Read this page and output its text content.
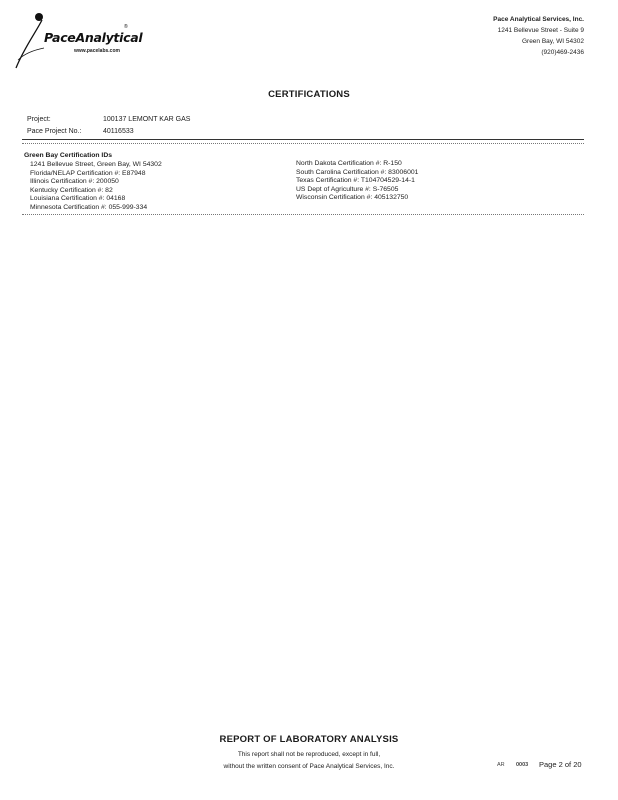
PaceAnalytical
®
www.pacelabs.com
Pace Analytical Services, Inc.
1241 Bellevue Street - Suite 9
Green Bay, WI 54302
(920)469-2436
CERTIFICATIONS
Project:	100137 LEMONT KAR GAS
Pace Project No.:	40116533
Green Bay Certification IDs
1241 Bellevue Street, Green Bay, WI 54302
Florida/NELAP Certification #: E87948
Illinois Certification #: 200050
Kentucky Certification #: 82
Louisiana Certification #: 04168
Minnesota Certification #: 055-999-334
North Dakota Certification #: R-150
South Carolina Certification #: 83006001
Texas Certification #: T104704529-14-1
US Dept of Agriculture #: S-76505
Wisconsin Certification #: 405132750
REPORT OF LABORATORY ANALYSIS
This report shall not be reproduced, except in full,
without the written consent of Pace Analytical Services, Inc.	AR 0003 Page 2 of 20
